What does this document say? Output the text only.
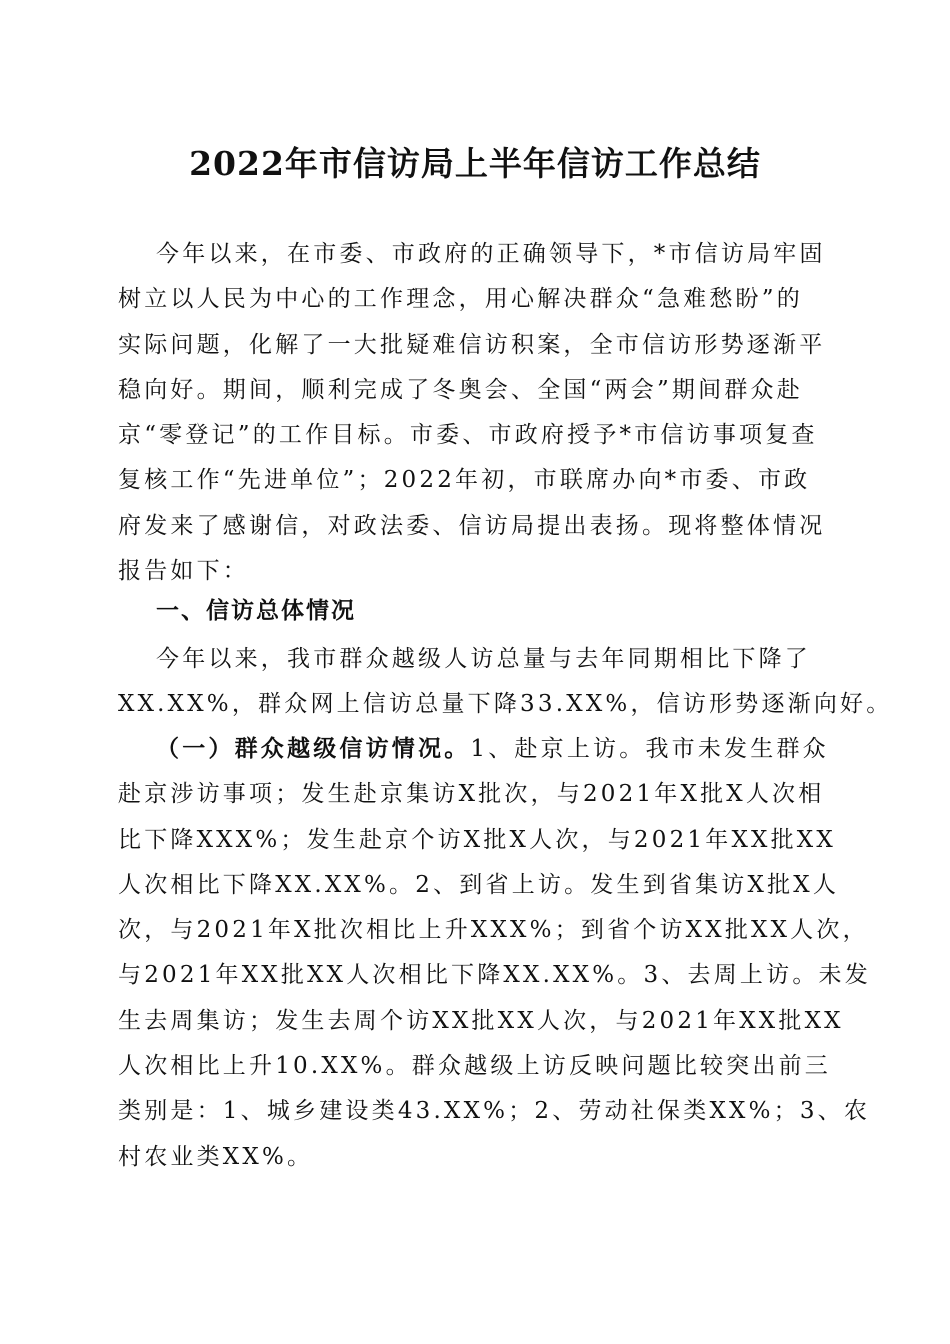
2022年市信访局上半年信访工作总结
今年以来，在市委、市政府的正确领导下，*市信访局牢固
树立以人民为中心的工作理念，用心解决群众“急难愁盼”的
实际问题，化解了一大批疑难信访积案，全市信访形势逐渐平
稳向好。期间，顺利完成了冬奥会、全国“两会”期间群众赴
京“零登记”的工作目标。市委、市政府授予*市信访事项复查
复核工作“先进单位”；2022年初，市联席办向*市委、市政
府发来了感谢信，对政法委、信访局提出表扬。现将整体情况
报告如下：
一、信访总体情况
今年以来，我市群众越级人访总量与去年同期相比下降了
XX.XX%，群众网上信访总量下降33.XX%，信访形势逐渐向好。
（一）群众越级信访情况。1、赴京上访。我市未发生群众
赴京涉访事项；发生赴京集访X批次，与2021年X批X人次相
比下降XXX%；发生赴京个访X批X人次，与2021年XX批XX
人次相比下降XX.XX%。2、到省上访。发生到省集访X批X人
次，与2021年X批次相比上升XXX%；到省个访XX批XX人次，
与2021年XX批XX人次相比下降XX.XX%。3、去周上访。未发
生去周集访；发生去周个访XX批XX人次，与2021年XX批XX
人次相比上升10.XX%。群众越级上访反映问题比较突出前三
类别是：1、城乡建设类43.XX%；2、劳动社保类XX%；3、农
村农业类XX%。
